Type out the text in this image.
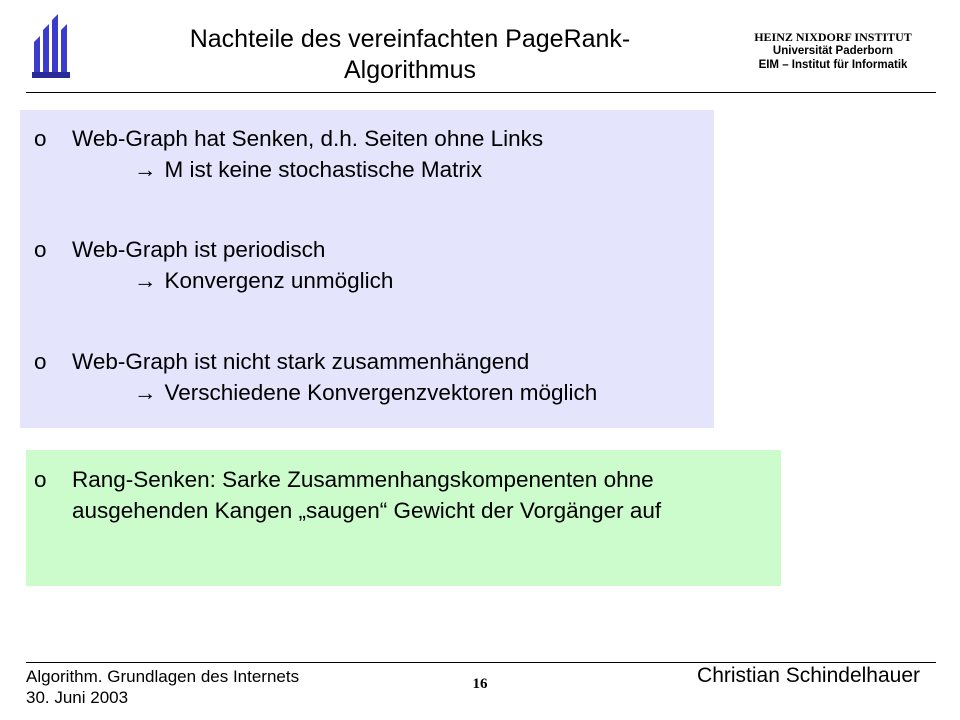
Nachteile des vereinfachten PageRank-
Algorithmus
HEINZ NIXDORF INSTITUT
Universität Paderborn
EIM – Institut für Informatik
o Web-Graph hat Senken, d.h. Seiten ohne Links
→ M ist keine stochastische Matrix
o Web-Graph ist periodisch
→ Konvergenz unmöglich
o Web-Graph ist nicht stark zusammenhängend
→ Verschiedene Konvergenzvektoren möglich
o Rang-Senken: Sarke Zusammenhangskompenenten ohne
ausgehenden Kangen „saugen“ Gewicht der Vorgänger auf
Algorithm. Grundlagen des Internets
30. Juni 2003
16	Christian Schindelhauer
